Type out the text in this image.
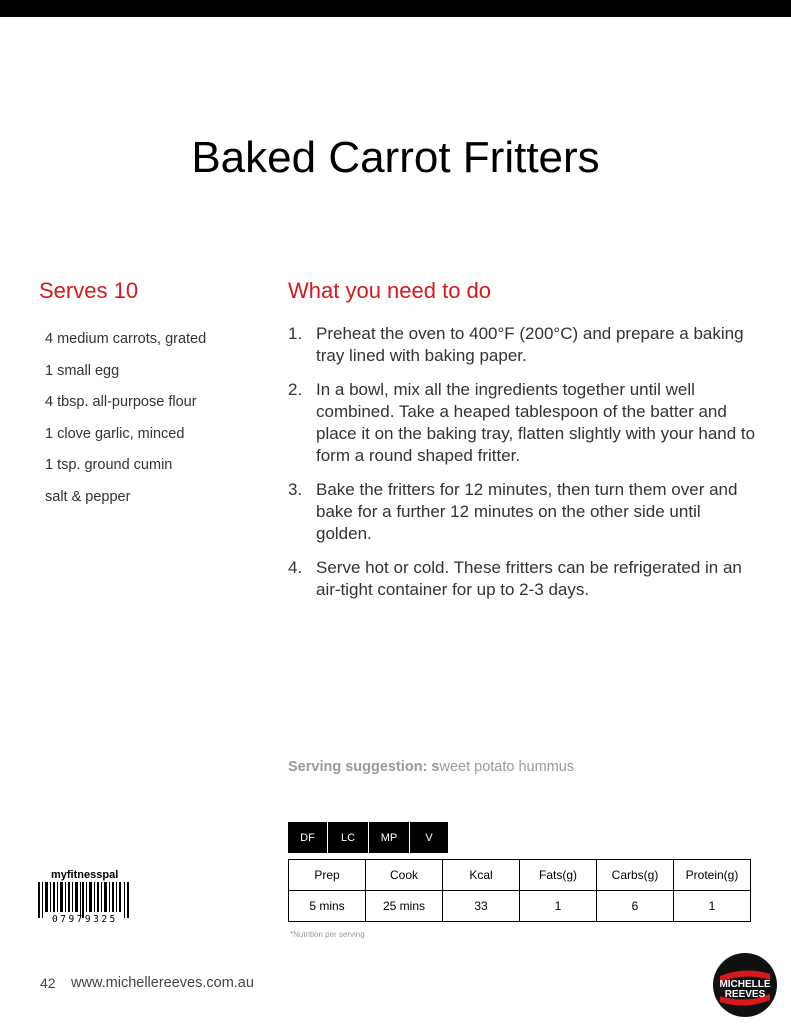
Baked Carrot Fritters
Serves 10	What you need to do
4 medium carrots, grated
1 small egg
4 tbsp. all-purpose flour
1 clove garlic, minced
1 tsp. ground cumin
salt & pepper
1. Preheat the oven to 400°F (200°C) and prepare a baking tray lined with baking paper.
2. In a bowl, mix all the ingredients together until well combined. Take a heaped tablespoon of the batter and place it on the baking tray, flatten slightly with your hand to form a round shaped fritter.
3. Bake the fritters for 12 minutes, then turn them over and bake for a further 12 minutes on the other side until golden.
4. Serve hot or cold. These fritters can be refrigerated in an air-tight container for up to 2-3 days.
Serving suggestion: sweet potato hummus
DF	LC	MP	V
Prep	Cook	Kcal	Fats(g)	Carbs(g)	Protein(g)
5 mins	25 mins	33	1	6	1
*Nutrition per serving
myfitnesspal
07979325
42 www.michellereeves.com.au	MICHELLE
REEVES
